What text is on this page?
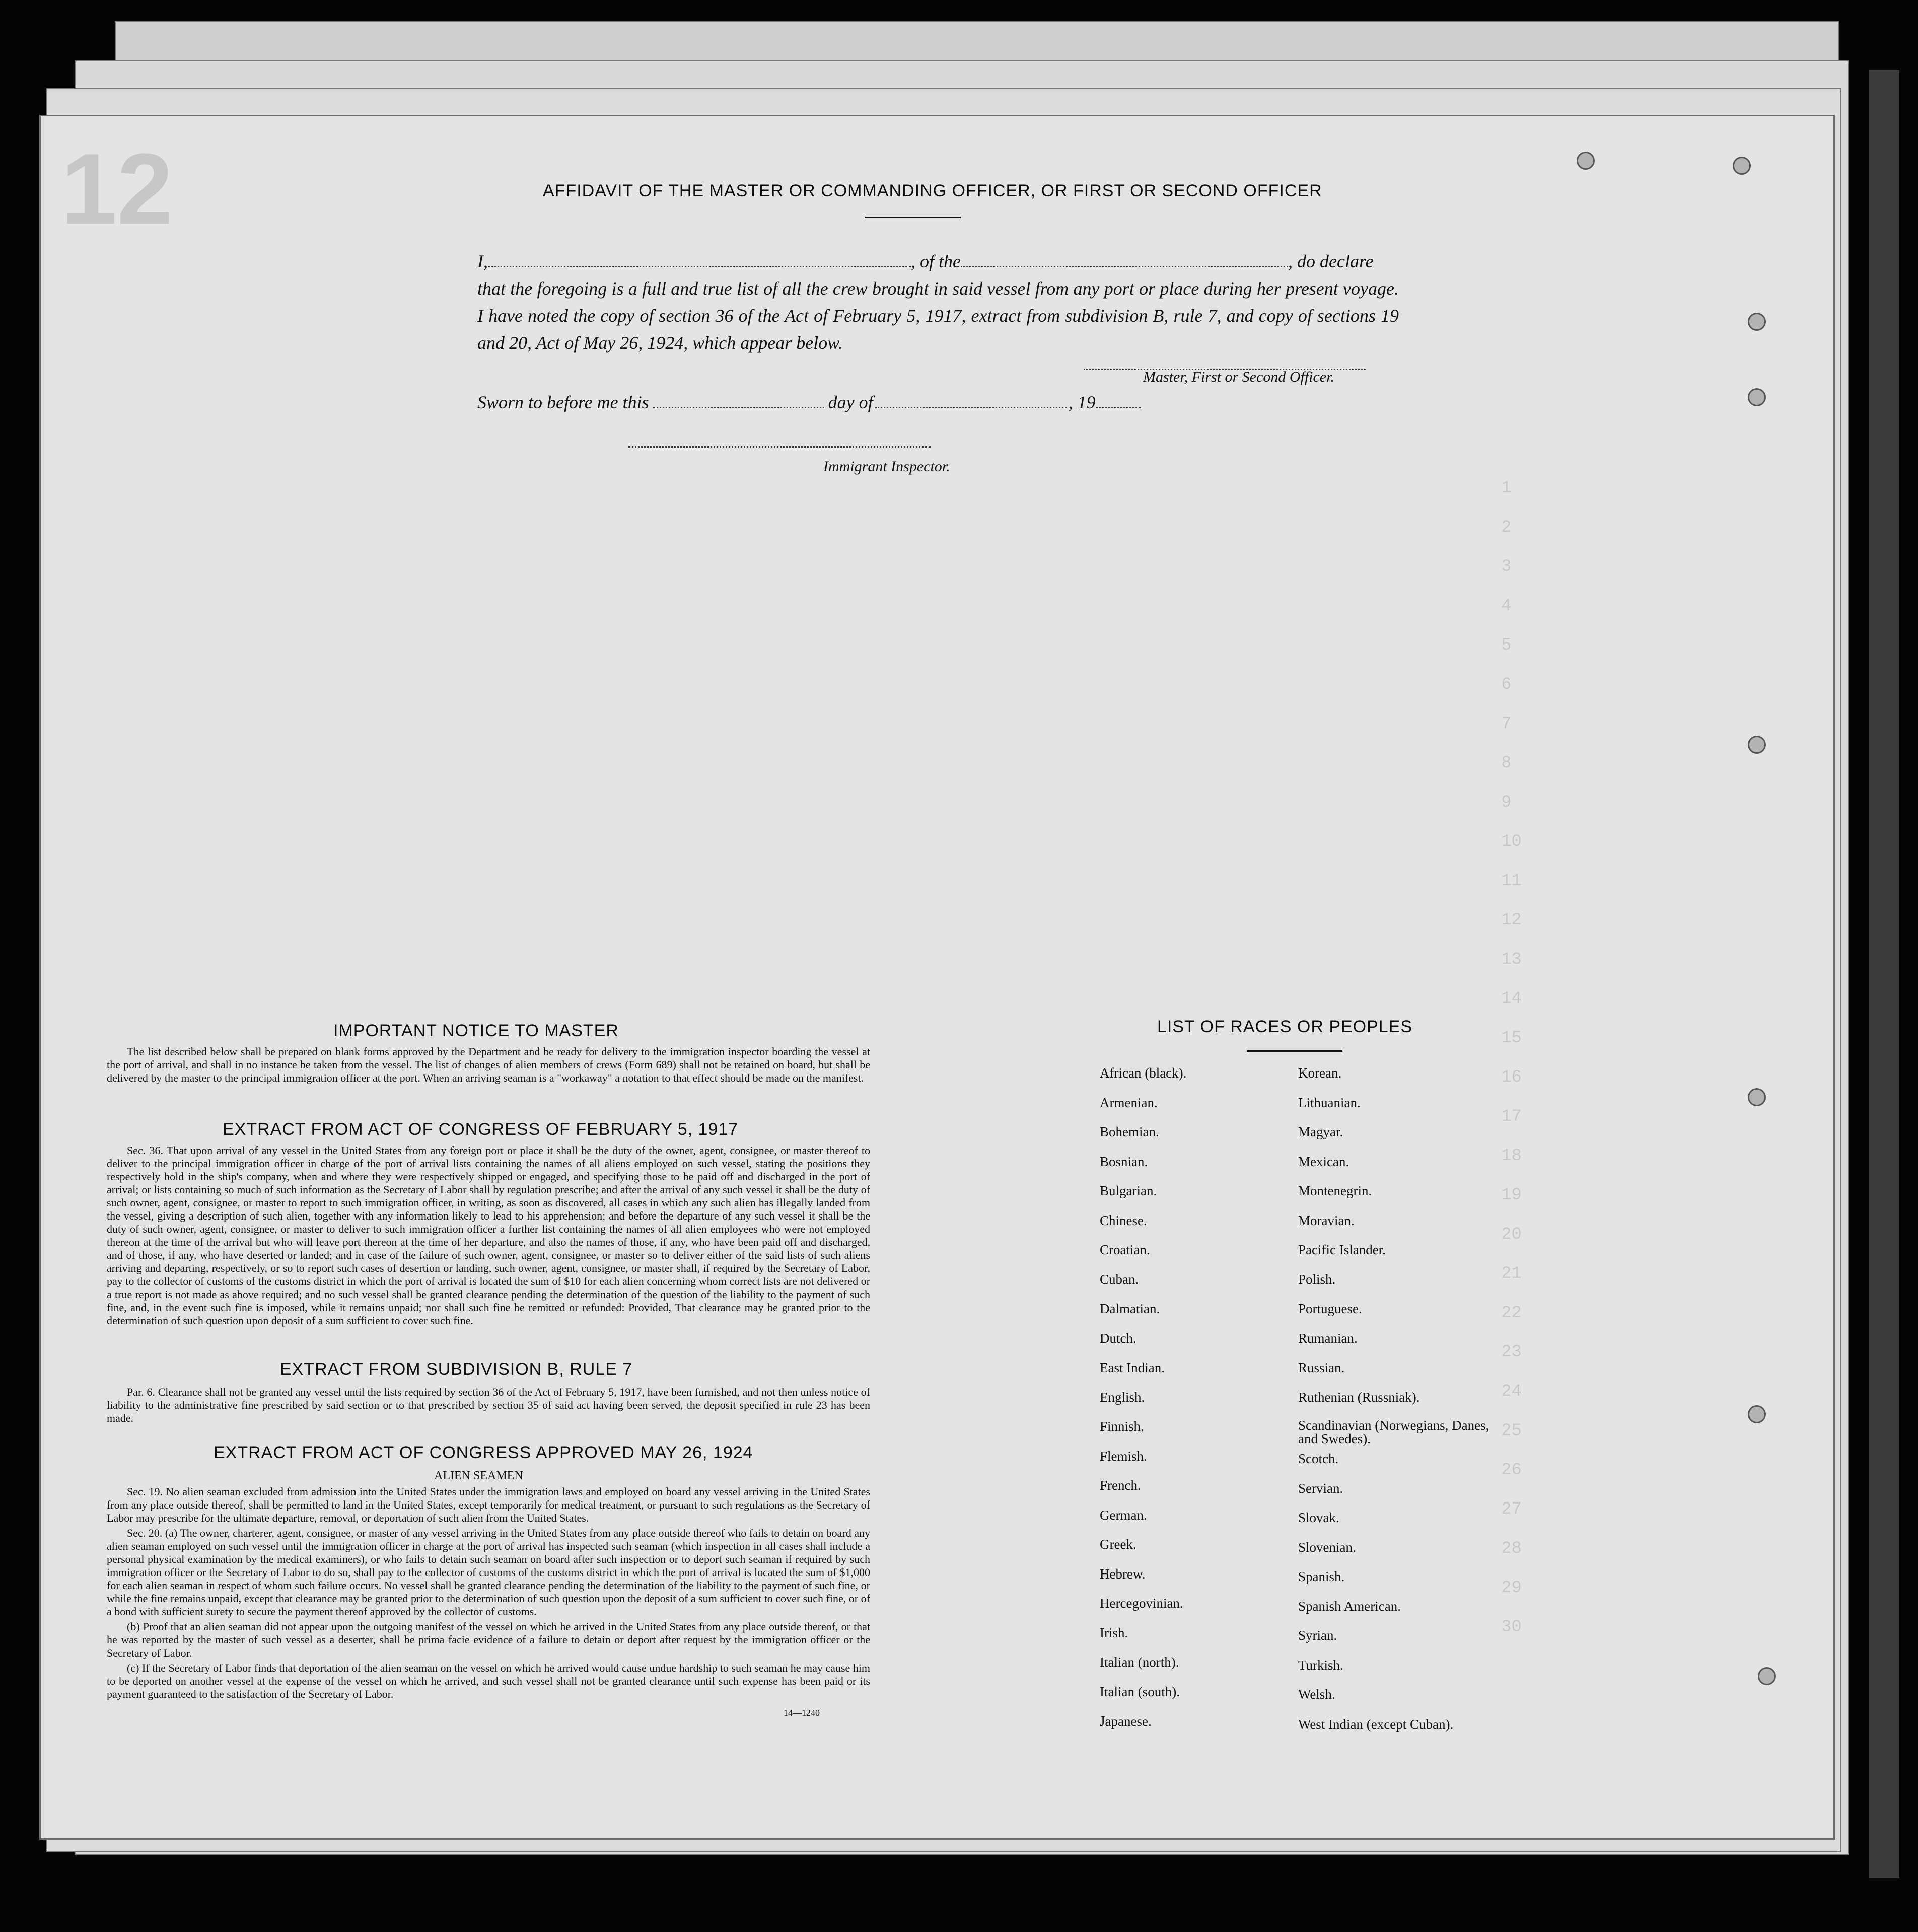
12
1
2
3
4
5
6
7
8
9
10
11
12
13
14
15
16
17
18
19
20
21
22
23
24
25
26
27
28
29
30
AFFIDAVIT OF THE MASTER OR COMMANDING OFFICER, OR FIRST OR SECOND OFFICER
I,	, of the	, do declare
that the foregoing is a full and true list of all the crew brought in said vessel from any port or place during her present voyage. I have noted the copy of section 36 of the Act of February 5, 1917, extract from subdivision B, rule 7, and copy of sections 19 and 20, Act of May 26, 1924, which appear below.
Master, First or Second Officer.
Sworn to before me this	day of	, 19
Immigrant Inspector.
IMPORTANT NOTICE TO MASTER

The list described below shall be prepared on blank forms approved by the Department and be ready for delivery to the immigration inspector boarding the vessel at the port of arrival, and shall in no instance be taken from the vessel. The list of changes of alien members of crews (Form 689) shall not be retained on board, but shall be delivered by the master to the principal immigration officer at the port. When an arriving seaman is a "workaway" a notation to that effect should be made on the manifest.

EXTRACT FROM ACT OF CONGRESS OF FEBRUARY 5, 1917

Sec. 36. That upon arrival of any vessel in the United States from any foreign port or place it shall be the duty of the owner, agent, consignee, or master thereof to deliver to the principal immigration officer in charge of the port of arrival lists containing the names of all aliens employed on such vessel, stating the positions they respectively hold in the ship's company, when and where they were respectively shipped or engaged, and specifying those to be paid off and discharged in the port of arrival; or lists containing so much of such information as the Secretary of Labor shall by regulation prescribe; and after the arrival of any such vessel it shall be the duty of such owner, agent, consignee, or master to report to such immigration officer, in writing, as soon as discovered, all cases in which any such alien has illegally landed from the vessel, giving a description of such alien, together with any information likely to lead to his apprehension; and before the departure of any such vessel it shall be the duty of such owner, agent, consignee, or master to deliver to such immigration officer a further list containing the names of all alien employees who were not employed thereon at the time of the arrival but who will leave port thereon at the time of her departure, and also the names of those, if any, who have been paid off and discharged, and of those, if any, who have deserted or landed; and in case of the failure of such owner, agent, consignee, or master so to deliver either of the said lists of such aliens arriving and departing, respectively, or so to report such cases of desertion or landing, such owner, agent, consignee, or master shall, if required by the Secretary of Labor, pay to the collector of customs of the customs district in which the port of arrival is located the sum of $10 for each alien concerning whom correct lists are not delivered or a true report is not made as above required; and no such vessel shall be granted clearance pending the determination of the question of the liability to the payment of such fine, and, in the event such fine is imposed, while it remains unpaid; nor shall such fine be remitted or refunded: Provided, That clearance may be granted prior to the determination of such question upon deposit of a sum sufficient to cover such fine.

EXTRACT FROM SUBDIVISION B, RULE 7

Par. 6. Clearance shall not be granted any vessel until the lists required by section 36 of the Act of February 5, 1917, have been furnished, and not then unless notice of liability to the administrative fine prescribed by said section or to that prescribed by section 35 of said act having been served, the deposit specified in rule 23 has been made.

EXTRACT FROM ACT OF CONGRESS APPROVED MAY 26, 1924
ALIEN SEAMEN

Sec. 19. No alien seaman excluded from admission into the United States under the immigration laws and employed on board any vessel arriving in the United States from any place outside thereof, shall be permitted to land in the United States, except temporarily for medical treatment, or pursuant to such regulations as the Secretary of Labor may prescribe for the ultimate departure, removal, or deportation of such alien from the United States.

Sec. 20. (a) The owner, charterer, agent, consignee, or master of any vessel arriving in the United States from any place outside thereof who fails to detain on board any alien seaman employed on such vessel until the immigration officer in charge at the port of arrival has inspected such seaman (which inspection in all cases shall include a personal physical examination by the medical examiners), or who fails to detain such seaman on board after such inspection or to deport such seaman if required by such immigration officer or the Secretary of Labor to do so, shall pay to the collector of customs of the customs district in which the port of arrival is located the sum of $1,000 for each alien seaman in respect of whom such failure occurs. No vessel shall be granted clearance pending the determination of the liability to the payment of such fine, or while the fine remains unpaid, except that clearance may be granted prior to the determination of such question upon the deposit of a sum sufficient to cover such fine, or of a bond with sufficient surety to secure the payment thereof approved by the collector of customs.

(b) Proof that an alien seaman did not appear upon the outgoing manifest of the vessel on which he arrived in the United States from any place outside thereof, or that he was reported by the master of such vessel as a deserter, shall be prima facie evidence of a failure to detain or deport after request by the immigration officer or the Secretary of Labor.

(c) If the Secretary of Labor finds that deportation of the alien seaman on the vessel on which he arrived would cause undue hardship to such seaman he may cause him to be deported on another vessel at the expense of the vessel on which he arrived, and such vessel shall not be granted clearance until such expense has been paid or its payment guaranteed to the satisfaction of the Secretary of Labor.

14—1240
LIST OF RACES OR PEOPLES
African (black).
Armenian.
Bohemian.
Bosnian.
Bulgarian.
Chinese.
Croatian.
Cuban.
Dalmatian.
Dutch.
East Indian.
English.
Finnish.
Flemish.
French.
German.
Greek.
Hebrew.
Hercegovinian.
Irish.
Italian (north).
Italian (south).
Japanese.
Korean.
Lithuanian.
Magyar.
Mexican.
Montenegrin.
Moravian.
Pacific Islander.
Polish.
Portuguese.
Rumanian.
Russian.
Ruthenian (Russniak).
Scandinavian (Norwegians, Danes, and Swedes).
Scotch.
Servian.
Slovak.
Slovenian.
Spanish.
Spanish American.
Syrian.
Turkish.
Welsh.
West Indian (except Cuban).
